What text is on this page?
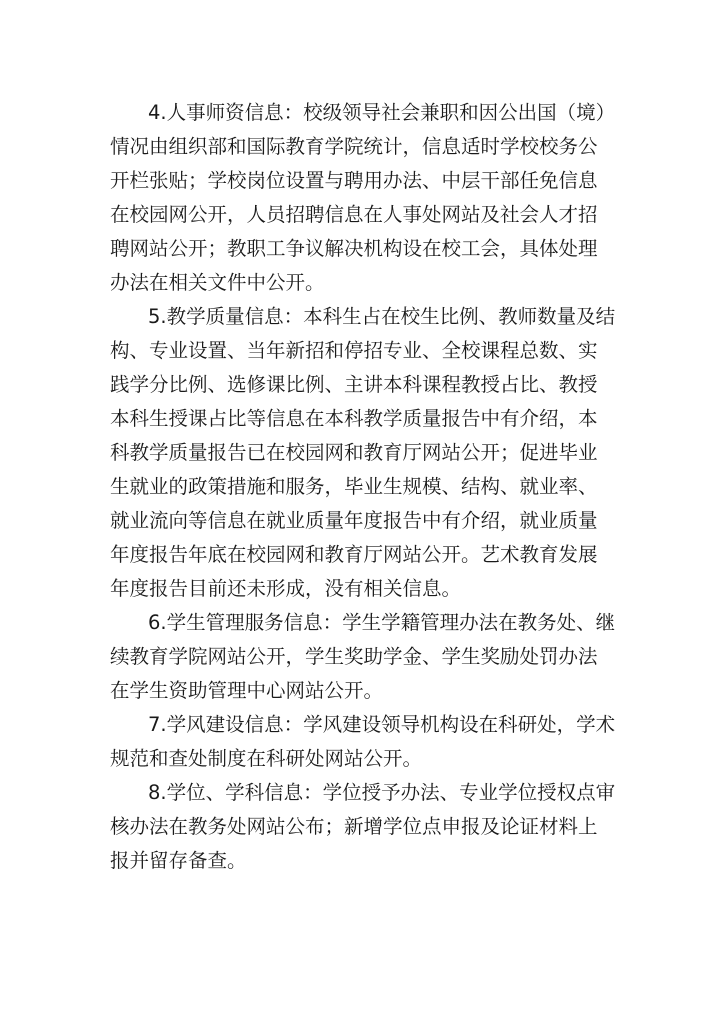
4.人事师资信息：校级领导社会兼职和因公出国（境）
情况由组织部和国际教育学院统计，信息适时学校校务公
开栏张贴；学校岗位设置与聘用办法、中层干部任免信息
在校园网公开，人员招聘信息在人事处网站及社会人才招
聘网站公开；教职工争议解决机构设在校工会，具体处理
办法在相关文件中公开。
5.教学质量信息：本科生占在校生比例、教师数量及结
构、专业设置、当年新招和停招专业、全校课程总数、实
践学分比例、选修课比例、主讲本科课程教授占比、教授
本科生授课占比等信息在本科教学质量报告中有介绍，本
科教学质量报告已在校园网和教育厅网站公开；促进毕业
生就业的政策措施和服务，毕业生规模、结构、就业率、
就业流向等信息在就业质量年度报告中有介绍，就业质量
年度报告年底在校园网和教育厅网站公开。艺术教育发展
年度报告目前还未形成，没有相关信息。
6.学生管理服务信息：学生学籍管理办法在教务处、继
续教育学院网站公开，学生奖助学金、学生奖励处罚办法
在学生资助管理中心网站公开。
7.学风建设信息：学风建设领导机构设在科研处，学术
规范和查处制度在科研处网站公开。
8.学位、学科信息：学位授予办法、专业学位授权点审
核办法在教务处网站公布；新增学位点申报及论证材料上
报并留存备查。
